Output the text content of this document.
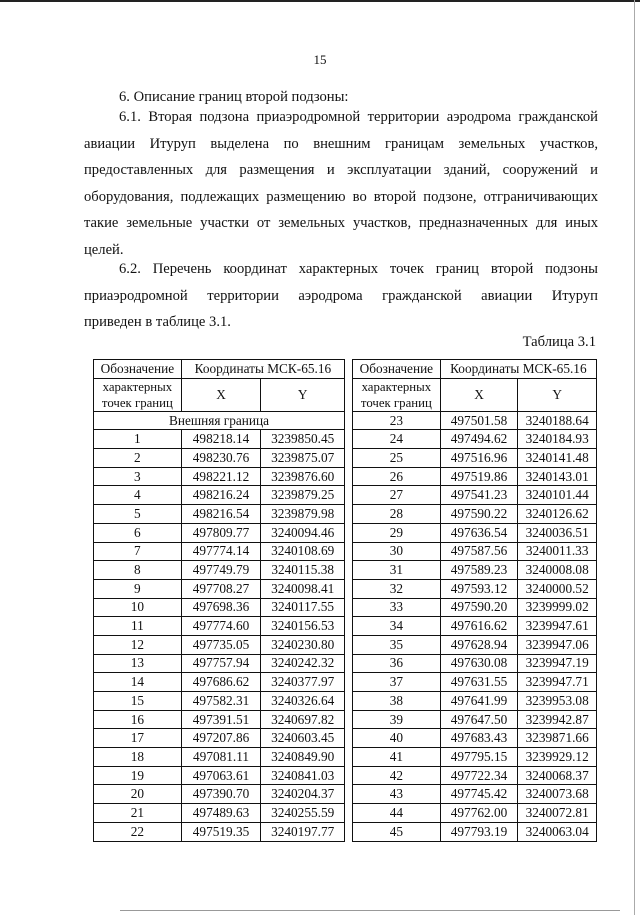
15
6. Описание границ второй подзоны:
6.1. Вторая подзона приаэродромной территории аэродрома гражданской
авиации Итуруп выделена по внешним границам земельных участков,
предоставленных для размещения и эксплуатации зданий, сооружений и
оборудования, подлежащих размещению во второй подзоне, отграничивающих
такие земельные участки от земельных участков, предназначенных для иных
целей.
6.2. Перечень координат характерных точек границ второй подзоны
приаэродромной территории аэродрома гражданской авиации Итуруп
приведен в таблице 3.1.
Таблица 3.1
Обозначение	Координаты МСК-65.16	

характерных
точек границ	X	Y
Внешняя граница		
1	498218.14	3239850.45
2	498230.76	3239875.07
3	498221.12	3239876.60
4	498216.24	3239879.25
5	498216.54	3239879.98
6	497809.77	3240094.46
7	497774.14	3240108.69
8	497749.79	3240115.38
9	497708.27	3240098.41
10	497698.36	3240117.55
11	497774.60	3240156.53
12	497735.05	3240230.80
13	497757.94	3240242.32
14	497686.62	3240377.97
15	497582.31	3240326.64
16	497391.51	3240697.82
17	497207.86	3240603.45
18	497081.11	3240849.90
19	497063.61	3240841.03
20	497390.70	3240204.37
21	497489.63	3240255.59
22	497519.35	3240197.77
Обозначение	Координаты МСК-65.16	

характерных
точек границ	X	Y

23	497501.58	3240188.64
24	497494.62	3240184.93
25	497516.96	3240141.48
26	497519.86	3240143.01
27	497541.23	3240101.44
28	497590.22	3240126.62
29	497636.54	3240036.51
30	497587.56	3240011.33
31	497589.23	3240008.08
32	497593.12	3240000.52
33	497590.20	3239999.02
34	497616.62	3239947.61
35	497628.94	3239947.06
36	497630.08	3239947.19
37	497631.55	3239947.71
38	497641.99	3239953.08
39	497647.50	3239942.87
40	497683.43	3239871.66
41	497795.15	3239929.12
42	497722.34	3240068.37
43	497745.42	3240073.68
44	497762.00	3240072.81
45	497793.19	3240063.04
